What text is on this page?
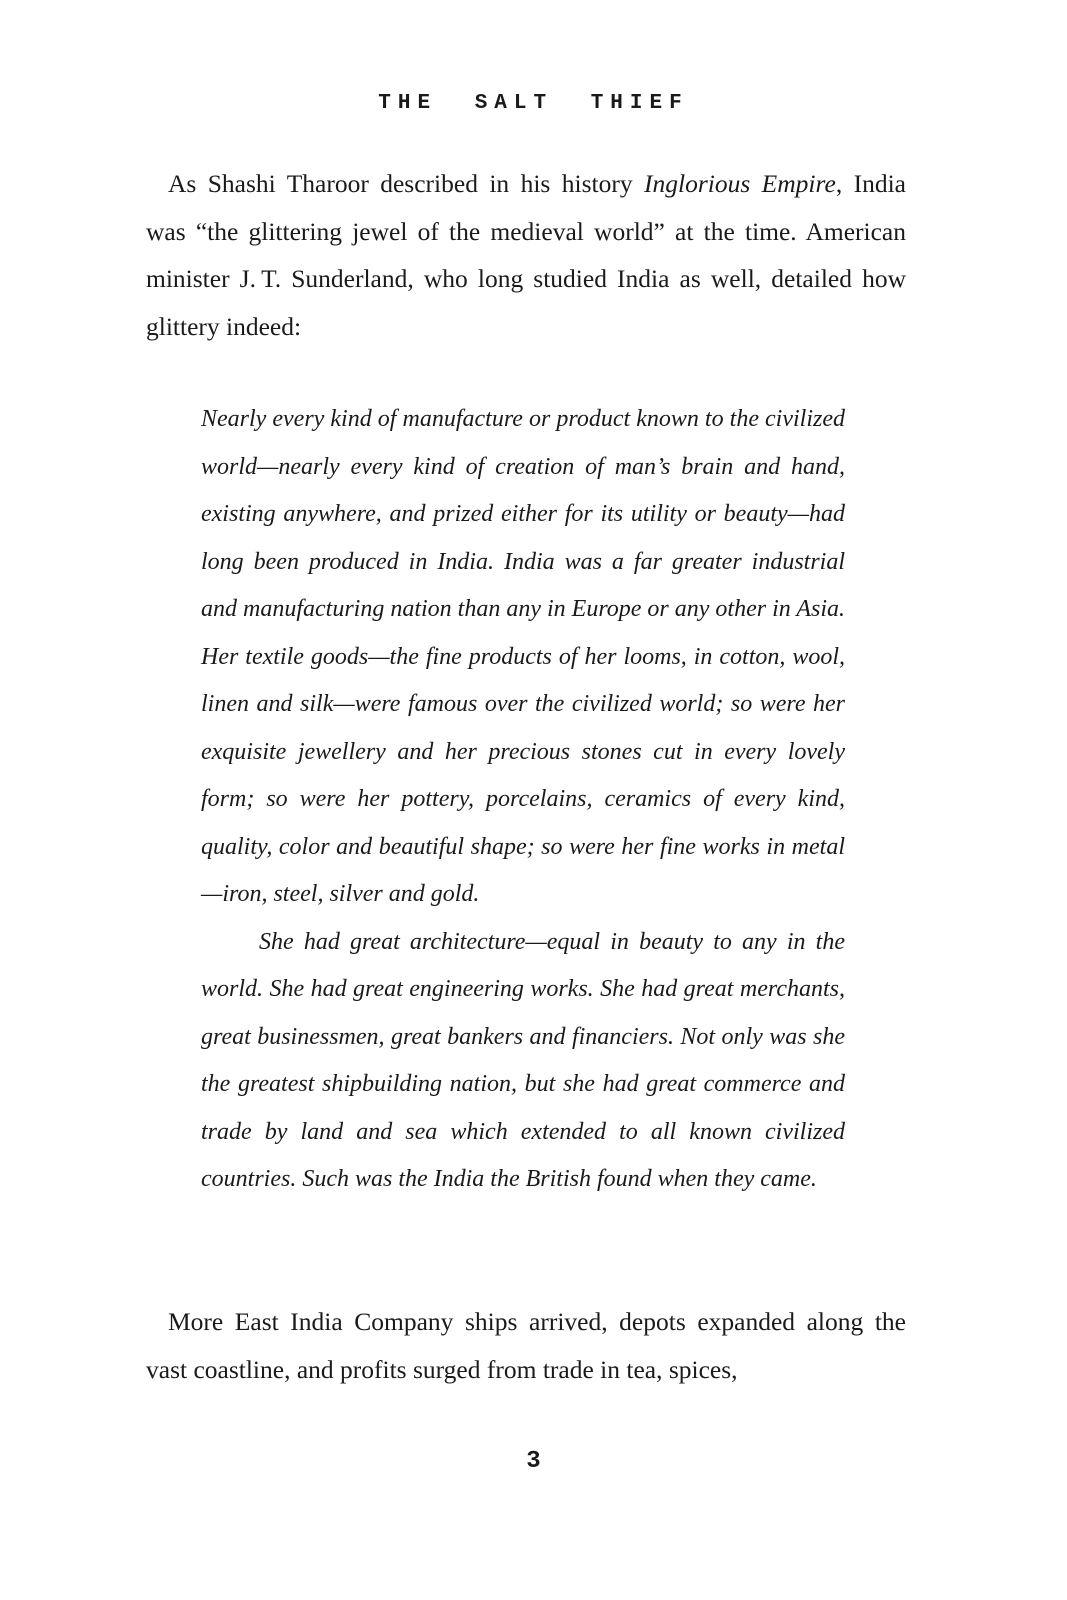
THE SALT THIEF
As Shashi Tharoor described in his history Inglorious Empire, India was “the glittering jewel of the medieval world” at the time. American minister J. T. Sunderland, who long studied India as well, detailed how glittery indeed:

Nearly every kind of manufacture or product known to the civilized world—nearly every kind of creation of man’s brain and hand, existing anywhere, and prized either for its utility or beauty—had long been produced in India. India was a far greater industrial and manufacturing nation than any in Europe or any other in Asia. Her textile goods—the fine products of her looms, in cotton, wool, linen and silk—were famous over the civilized world; so were her exquisite jewellery and her precious stones cut in every lovely form; so were her pottery, porcelains, ceramics of every kind, quality, color and beautiful shape; so were her fine works in metal—iron, steel, silver and gold.

She had great architecture—equal in beauty to any in the world. She had great engineering works. She had great merchants, great businessmen, great bankers and financiers. Not only was she the greatest shipbuilding nation, but she had great commerce and trade by land and sea which extended to all known civilized countries. Such was the India the British found when they came.

More East India Company ships arrived, depots expanded along the vast coastline, and profits surged from trade in tea, spices,
3
